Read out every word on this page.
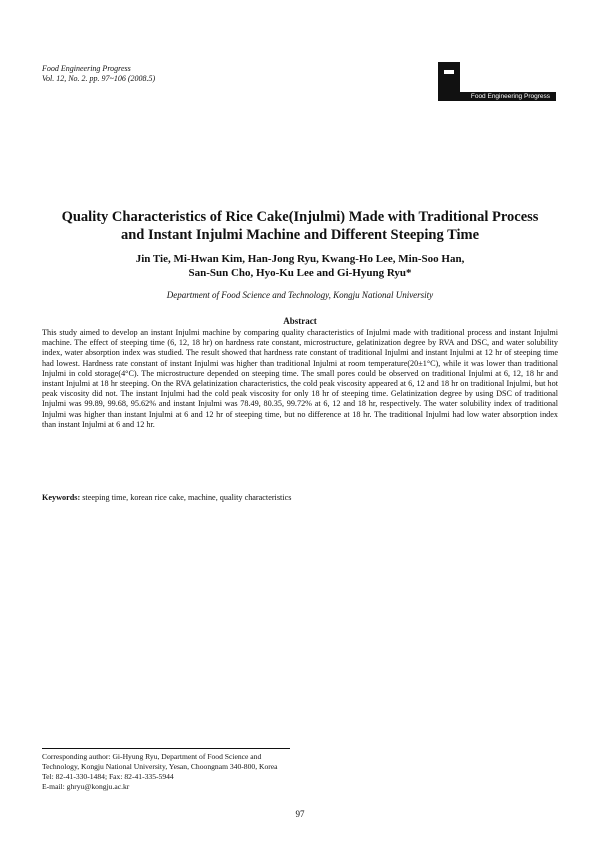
Food Engineering Progress
Vol. 12, No. 2. pp. 97~106 (2008.5)
Food Engineering Progress
Quality Characteristics of Rice Cake(Injulmi) Made with Traditional Process and Instant Injulmi Machine and Different Steeping Time
Jin Tie, Mi-Hwan Kim, Han-Jong Ryu, Kwang-Ho Lee, Min-Soo Han,
San-Sun Cho, Hyo-Ku Lee and Gi-Hyung Ryu*
Department of Food Science and Technology, Kongju National University
Abstract
This study aimed to develop an instant Injulmi machine by comparing quality characteristics of Injulmi made with traditional process and instant Injulmi machine. The effect of steeping time (6, 12, 18 hr) on hardness rate constant, microstructure, gelatinization degree by RVA and DSC, and water solubility index, water absorption index was studied. The result showed that hardness rate constant of traditional Injulmi and instant Injulmi at 12 hr of steeping time had lowest. Hardness rate constant of instant Injulmi was higher than traditional Injulmi at room temperature(20±1°C), while it was lower than traditional Injulmi in cold storage(4°C). The microstructure depended on steeping time. The small pores could be observed on traditional Injulmi at 6, 12, 18 hr and instant Injulmi at 18 hr steeping. On the RVA gelatinization characteristics, the cold peak viscosity appeared at 6, 12 and 18 hr on traditional Injulmi, but hot peak viscosity did not. The instant Injulmi had the cold peak viscosity for only 18 hr of steeping time. Gelatinization degree by using DSC of traditional Injulmi was 99.89, 99.68, 95.62% and instant Injulmi was 78.49, 80.35, 99.72% at 6, 12 and 18 hr, respectively. The water solubility index of traditional Injulmi was higher than instant Injulmi at 6 and 12 hr of steeping time, but no difference at 18 hr. The traditional Injulmi had low water absorption index than instant Injulmi at 6 and 12 hr.
Keywords: steeping time, korean rice cake, machine, quality characteristics

Corresponding author: Gi-Hyung Ryu, Department of Food Science and Technology, Kongju National University, Yesan, Choongnam 340-800, Korea
Tel: 82-41-330-1484; Fax: 82-41-335-5944
E-mail: ghryu@kongju.ac.kr
97
